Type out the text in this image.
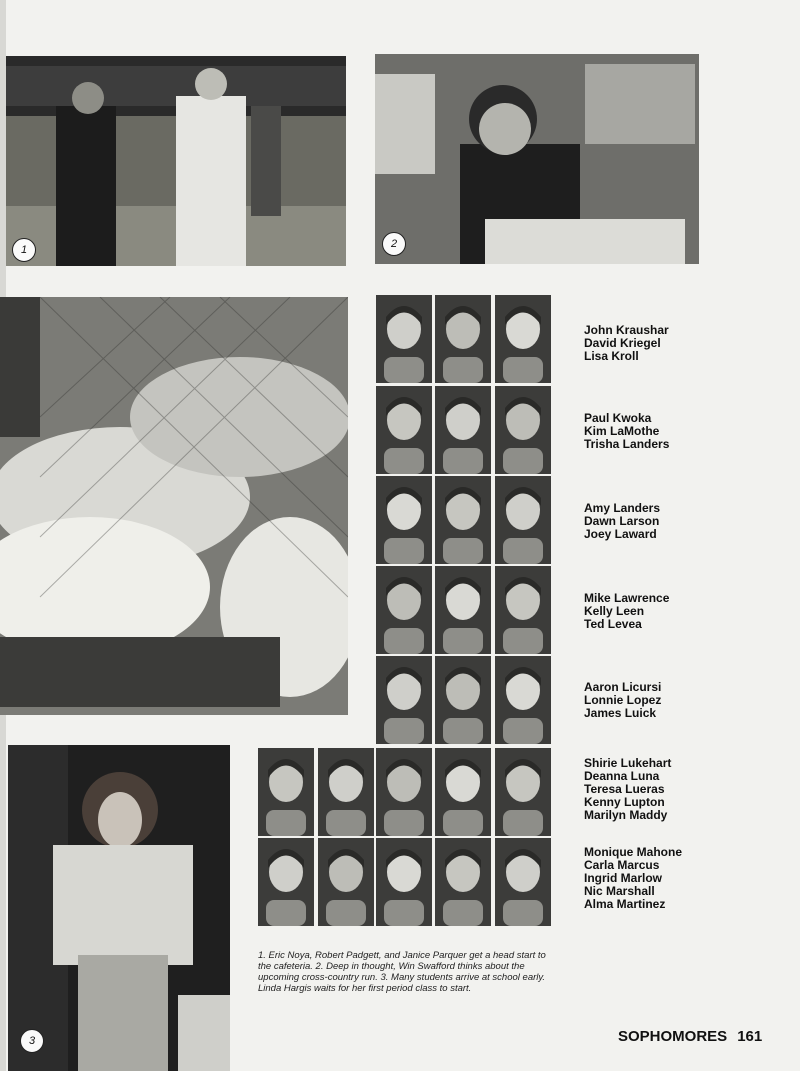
1	2
3
John Kraushar
David Kriegel
Lisa Kroll
Paul Kwoka
Kim LaMothe
Trisha Landers
Amy Landers
Dawn Larson
Joey Laward
Mike Lawrence
Kelly Leen
Ted Levea
Aaron Licursi
Lonnie Lopez
James Luick
Shirie Lukehart
Deanna Luna
Teresa Lueras
Kenny Lupton
Marilyn Maddy
Monique Mahone
Carla Marcus
Ingrid Marlow
Nic Marshall
Alma Martinez
1. Eric Noya, Robert Padgett, and Janice Parquer get a head start to the cafeteria. 2. Deep in thought, Win Swafford thinks about the upcoming cross-country run. 3. Many students arrive at school early. Linda Hargis waits for her first period class to start.
SOPHOMORES 161
